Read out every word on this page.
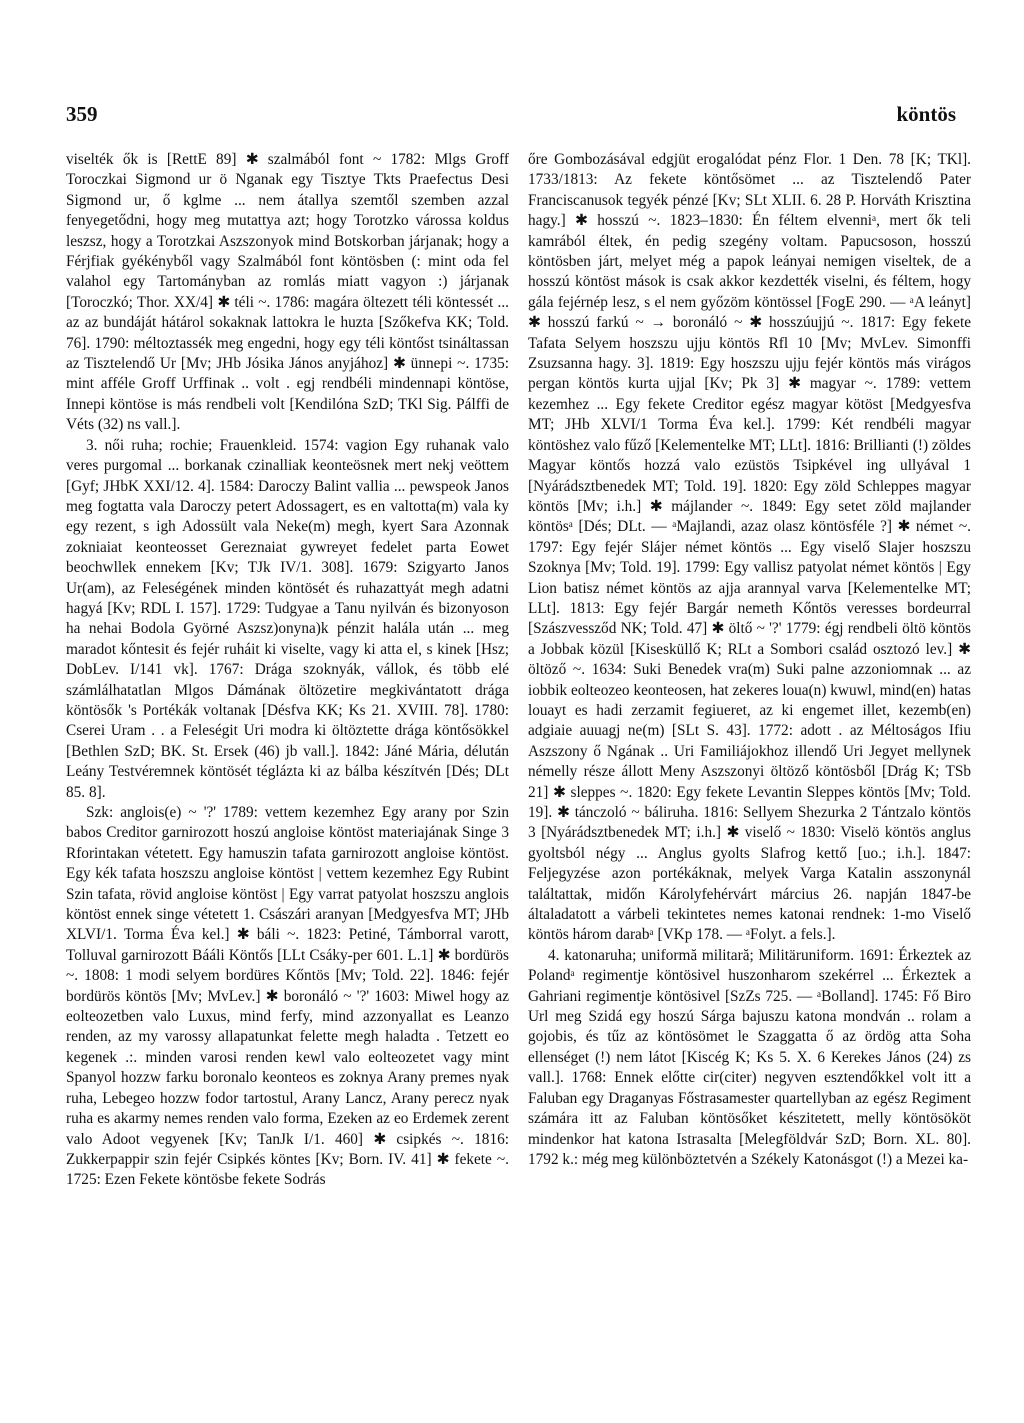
359	köntös

viselték ők is [RettE 89] ✱ szalmából font ~ 1782: Mlgs Groff Toroczkai Sigmond ur ö Nganak egy Tisztye Tkts Praefectus Desi Sigmond ur, ő kglme ... nem átallya szemtől szemben azzal fenyegetődni, hogy meg mutattya azt; hogy Torotzko várossa koldus leszsz, hogy a Torotzkai Aszszonyok mind Botskorban járjanak; hogy a Férjfiak gyékényből vagy Szalmából font köntösben (: mint oda fel valahol egy Tartományban az romlás miatt vagyon :) járjanak [Toroczkó; Thor. XX/4] ✱ téli ~. 1786: magára öltezett téli köntessét ... az az bundáját hátárol sokaknak lattokra le huzta [Szőkefva KK; Told. 76]. 1790: méltoztassék meg engedni, hogy egy téli köntőst tsináltassan az Tisztelendő Ur [Mv; JHb Jósika János anyjához] ✱ ünnepi ~. 1735: mint afféle Groff Urffinak .. volt . egj rendbéli mindennapi köntöse, Innepi köntöse is más rendbeli volt [Kendilóna SzD; TKl Sig. Pálffi de Véts (32) ns vall.].

3. női ruha; rochie; Frauenkleid. 1574: vagion Egy ruhanak valo veres purgomal ... borkanak czinalliak keonteösnek mert nekj veöttem [Gyf; JHbK XXI/12. 4]. 1584: Daroczy Balint vallia ... pewspeok Janos meg fogtatta vala Daroczy petert Adossagert, es en valtotta(m) vala ky egy rezent, s igh Adossült vala Neke(m) megh, kyert Sara Azonnak zokniaiat keonteosset Gereznaiat gywreyet fedelet parta Eowet beochwllek ennekem [Kv; TJk IV/1. 308]. 1679: Szigyarto Janos Ur(am), az Feleségének minden köntösét és ruhazattyát megh adatni hagyá [Kv; RDL I. 157]. 1729: Tudgyae a Tanu nyilván és bizonyoson ha nehai Bodola Györné Aszsz)onyna)k pénzit halála után ... meg maradot kőntesit és fejér ruháit ki viselte, vagy ki atta el, s kinek [Hsz; DobLev. I/141 vk]. 1767: Drága szoknyák, vállok, és több elé számlálhatatlan Mlgos Dámának öltözetire megkivántatott drága köntösők 's Portékák voltanak [Désfva KK; Ks 21. XVIII. 78]. 1780: Cserei Uram . . a Feleségit Uri modra ki öltöztette drága köntősökkel [Bethlen SzD; BK. St. Ersek (46) jb vall.]. 1842: Jáné Mária, délután Leány Testvéremnek köntösét téglázta ki az bálba készítvén [Dés; DLt 85. 8].

Szk: anglois(e) ~ '?' 1789: vettem kezemhez Egy arany por Szin babos Creditor garnirozott hoszú angloise köntöst materiajának Singe 3 Rforintakan vétetett. Egy hamuszin tafata garnirozott angloise köntöst. Egy kék tafata hoszszu angloise köntöst | vettem kezemhez Egy Rubint Szin tafata, rövid angloise köntöst | Egy varrat patyolat hoszszu anglois köntöst ennek singe vétetett 1. Császári aranyan [Medgyesfva MT; JHb XLVI/1. Torma Éva kel.] ✱ báli ~. 1823: Petiné, Támborral varott, Tolluval garnirozott Bááli Köntős [LLt Csáky-per 601. L.1] ✱ bordürös ~. 1808: 1 modi selyem bordüres Kőntös [Mv; Told. 22]. 1846: fejér bordürös köntös [Mv; MvLev.] ✱ boronáló ~ '?' 1603: Miwel hogy az eolteozetben valo Luxus, mind ferfy, mind azzonyallat es Leanzo renden, az my varossy allapatunkat felette megh haladta . Tetzett eo kegenek .:. minden varosi renden kewl valo eolteozetet vagy mint Spanyol hozzw farku boronalo keonteos es zoknya Arany premes nyak ruha, Lebegeo hozzw fodor tartostul, Arany Lancz, Arany perecz nyak ruha es akarmy nemes renden valo forma, Ezeken az eo Erdemek zerent valo Adoot vegyenek [Kv; TanJk I/1. 460] ✱ csipkés ~. 1816: Zukkerpappir szin fejér Csipkés köntes [Kv; Born. IV. 41] ✱ fekete ~. 1725: Ezen Fekete köntösbe fekete Sodrás

őre Gombozásával edgjüt erogalódat pénz Flor. 1 Den. 78 [K; TKl]. 1733/1813: Az fekete köntősömet ... az Tisztelendő Pater Franciscanusok tegyék pénzé [Kv; SLt XLII. 6. 28 P. Horváth Krisztina hagy.] ✱ hosszú ~. 1823–1830: Én féltem elvenniᵃ, mert ők teli kamrából éltek, én pedig szegény voltam. Papucsoson, hosszú köntösben járt, melyet még a papok leányai nemigen viseltek, de a hosszú köntöst mások is csak akkor kezdették viselni, és féltem, hogy gála fejérnép lesz, s el nem győzöm köntössel [FogE 290. — ᵃA leányt] ✱ hosszú farkú ~ → boronáló ~ ✱ hosszúujjú ~. 1817: Egy fekete Tafata Selyem hoszszu ujju köntös Rfl 10 [Mv; MvLev. Simonffi Zsuzsanna hagy. 3]. 1819: Egy hoszszu ujju fejér köntös más virágos pergan köntös kurta ujjal [Kv; Pk 3] ✱ magyar ~. 1789: vettem kezemhez ... Egy fekete Creditor egész magyar kötöst [Medgyesfva MT; JHb XLVI/1 Torma Éva kel.]. 1799: Két rendbéli magyar köntöshez valo fűző [Kelementelke MT; LLt]. 1816: Brillianti (!) zöldes Magyar köntős hozzá valo ezüstös Tsipkével ing ullyával 1 [Nyárádsztbenedek MT; Told. 19]. 1820: Egy zöld Schleppes magyar köntös [Mv; i.h.] ✱ májlander ~. 1849: Egy setet zöld majlander köntösᵃ [Dés; DLt. — ᵃMajlandi, azaz olasz köntösféle ?] ✱ német ~. 1797: Egy fejér Slájer német köntös ... Egy viselő Slajer hoszszu Szoknya [Mv; Told. 19]. 1799: Egy vallisz patyolat német köntös | Egy Lion batisz német köntös az ajja arannyal varva [Kelementelke MT; LLt]. 1813: Egy fejér Bargár nemeth Kőntös veresses bordeurral [Szászvessződ NK; Told. 47] ✱ öltő ~ '?' 1779: égj rendbeli öltö köntös a Jobbak közül [Kisesküllő K; RLt a Sombori család osztozó lev.] ✱ öltöző ~. 1634: Suki Benedek vra(m) Suki palne azzoniomnak ... az iobbik eolteozeo keonteosen, hat zekeres loua(n) kwuwl, mind(en) hatas louayt es hadi zerzamit fegiueret, az ki engemet illet, kezemb(en) adgiaie auuagj ne(m) [SLt S. 43]. 1772: adott . az Méltoságos Ifiu Aszszony ő Ngának .. Uri Familiájokhoz illendő Uri Jegyet mellynek némelly része állott Meny Aszszonyi öltöző köntösből [Drág K; TSb 21] ✱ sleppes ~. 1820: Egy fekete Levantin Sleppes köntös [Mv; Told. 19]. ✱ tánczoló ~ báliruha. 1816: Sellyem Shezurka 2 Tántzalo köntös 3 [Nyárádsztbenedek MT; i.h.] ✱ viselő ~ 1830: Viselö köntös anglus gyoltsból négy ... Anglus gyolts Slafrog kettő [uo.; i.h.]. 1847: Feljegyzése azon portékáknak, melyek Varga Katalin asszonynál találtattak, midőn Károlyfehérvárt március 26. napján 1847-be általadatott a várbeli tekintetes nemes katonai rendnek: 1-mo Viselő köntös három darabᵃ [VKp 178. — ᵃFolyt. a fels.].

4. katonaruha; uniformă militară; Militäruniform. 1691: Érkeztek az Polandᵃ regimentje köntösivel huszonharom szekérrel ... Érkeztek a Gahriani regimentje köntösivel [SzZs 725. — ᵃBolland]. 1745: Fő Biro Url meg Szidá egy hoszú Sárga bajuszu katona mondván .. rolam a gojobis, és tűz az köntösömet le Szaggatta ő az ördög atta Soha ellenséget (!) nem látot [Kiscég K; Ks 5. X. 6 Kerekes János (24) zs vall.]. 1768: Ennek előtte cir(citer) negyven esztendőkkel volt itt a Faluban egy Draganyas Főstrasamester quartellyban az egész Regiment számára itt az Faluban köntösőket készitetett, melly köntösököt mindenkor hat katona Istrasalta [Melegföldvár SzD; Born. XL. 80]. 1792 k.: még meg különböztetvén a Székely Katonásgot (!) a Mezei ka-
